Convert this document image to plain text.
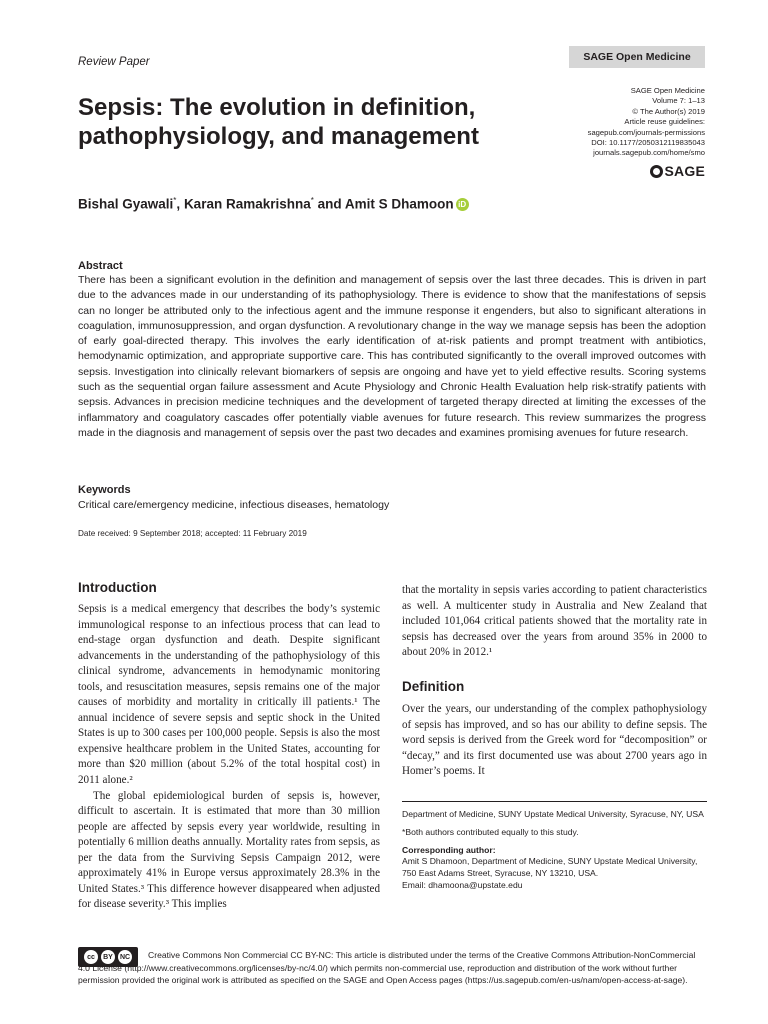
Review Paper	SAGE Open Medicine
Sepsis: The evolution in definition,
pathophysiology, and management
SAGE Open Medicine
Volume 7: 1–13
© The Author(s) 2019
Article reuse guidelines:
sagepub.com/journals-permissions
DOI: 10.1177/2050312119835043
journals.sagepub.com/home/smo
SAGE
Bishal Gyawali*, Karan Ramakrishna* and Amit S Dhamoon iD
Abstract
There has been a significant evolution in the definition and management of sepsis over the last three decades. This is driven in part due to the advances made in our understanding of its pathophysiology. There is evidence to show that the manifestations of sepsis can no longer be attributed only to the infectious agent and the immune response it engenders, but also to significant alterations in coagulation, immunosuppression, and organ dysfunction. A revolutionary change in the way we manage sepsis has been the adoption of early goal-directed therapy. This involves the early identification of at-risk patients and prompt treatment with antibiotics, hemodynamic optimization, and appropriate supportive care. This has contributed significantly to the overall improved outcomes with sepsis. Investigation into clinically relevant biomarkers of sepsis are ongoing and have yet to yield effective results. Scoring systems such as the sequential organ failure assessment and Acute Physiology and Chronic Health Evaluation help risk-stratify patients with sepsis. Advances in precision medicine techniques and the development of targeted therapy directed at limiting the excesses of the inflammatory and coagulatory cascades offer potentially viable avenues for future research. This review summarizes the progress made in the diagnosis and management of sepsis over the past two decades and examines promising avenues for future research.
Keywords
Critical care/emergency medicine, infectious diseases, hematology
Date received: 9 September 2018; accepted: 11 February 2019
Introduction

Sepsis is a medical emergency that describes the body’s systemic immunological response to an infectious process that can lead to end-stage organ dysfunction and death. Despite significant advancements in the understanding of the pathophysiology of this clinical syndrome, advancements in hemodynamic monitoring tools, and resuscitation measures, sepsis remains one of the major causes of morbidity and mortality in critically ill patients.¹ The annual incidence of severe sepsis and septic shock in the United States is up to 300 cases per 100,000 people. Sepsis is also the most expensive healthcare problem in the United States, accounting for more than $20 million (about 5.2% of the total hospital cost) in 2011 alone.²

The global epidemiological burden of sepsis is, however, difficult to ascertain. It is estimated that more than 30 million people are affected by sepsis every year worldwide, resulting in potentially 6 million deaths annually. Mortality rates from sepsis, as per the data from the Surviving Sepsis Campaign 2012, were approximately 41% in Europe versus approximately 28.3% in the United States.³ This difference however disappeared when adjusted for disease severity.³ This implies

that the mortality in sepsis varies according to patient characteristics as well. A multicenter study in Australia and New Zealand that included 101,064 critical patients showed that the mortality rate in sepsis has decreased over the years from around 35% in 2000 to about 20% in 2012.¹

Definition

Over the years, our understanding of the complex pathophysiology of sepsis has improved, and so has our ability to define sepsis. The word sepsis is derived from the Greek word for “decomposition” or “decay,” and its first documented use was about 2700 years ago in Homer’s poems. It

Department of Medicine, SUNY Upstate Medical University, Syracuse, NY, USA

*Both authors contributed equally to this study.

Corresponding author:
Amit S Dhamoon, Department of Medicine, SUNY Upstate Medical University, 750 East Adams Street, Syracuse, NY 13210, USA.
Email: dhamoona@upstate.edu
cc	BY	NC	Creative Commons Non Commercial CC BY-NC: This article is distributed under the terms of the Creative Commons Attribution-NonCommercial 4.0 License (http://www.creativecommons.org/licenses/by-nc/4.0/) which permits non-commercial use, reproduction and distribution of the work without further permission provided the original work is attributed as specified on the SAGE and Open Access pages (https://us.sagepub.com/en-us/nam/open-access-at-sage).
